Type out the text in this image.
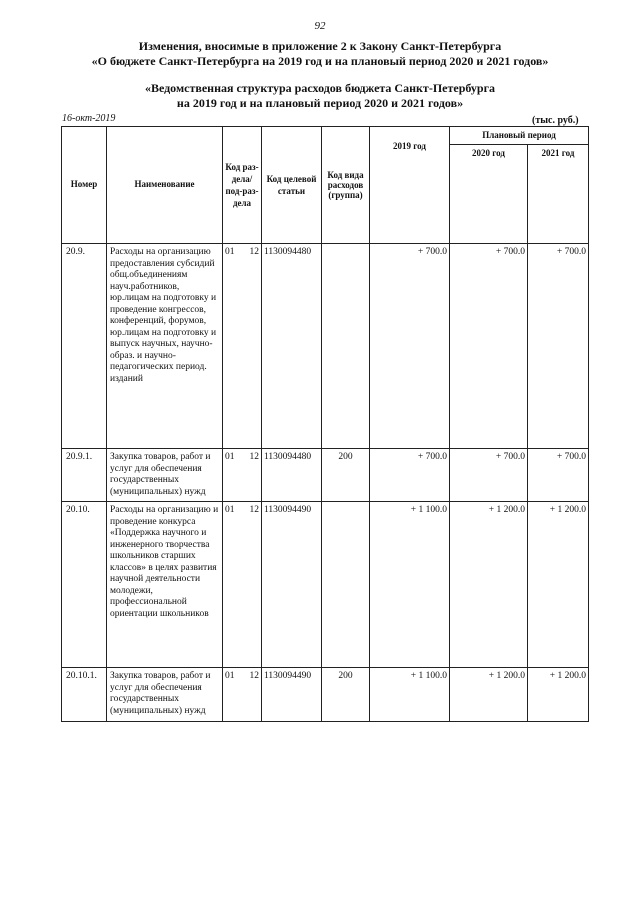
92
Изменения, вносимые в приложение 2 к Закону Санкт-Петербурга
«О бюджете Санкт-Петербурга на 2019 год и на плановый период 2020 и 2021 годов»
«Ведомственная структура расходов бюджета Санкт-Петербурга
на 2019 год и на плановый период 2020 и 2021 годов»
16-окт-2019	(тыс. руб.)
Номер	Наименование	Код раз-дела/ под-раз-дела	Код целевой статьи	Код вида расходов (группа)	2019 год	Плановый период	
						2020 год	2021 год
20.9.	Расходы на организацию предоставления субсидий общ.объединениям науч.работников, юр.лицам на подготовку и проведение конгрессов, конференций, форумов, юр.лицам на подготовку и выпуск научных, научно-образ. и научно-педагогических период. изданий	01 12	1130094480		+ 700.0	+ 700.0	+ 700.0
20.9.1.	Закупка товаров, работ и услуг для обеспечения государственных (муниципальных) нужд	01 12	1130094480	200	+ 700.0	+ 700.0	+ 700.0
20.10.	Расходы на организацию и проведение конкурса «Поддержка научного и инженерного творчества школьников старших классов» в целях развития научной деятельности молодежи, профессиональной ориентации школьников	01 12	1130094490		+ 1 100.0	+ 1 200.0	+ 1 200.0
20.10.1.	Закупка товаров, работ и услуг для обеспечения государственных (муниципальных) нужд	01 12	1130094490	200	+ 1 100.0	+ 1 200.0	+ 1 200.0
